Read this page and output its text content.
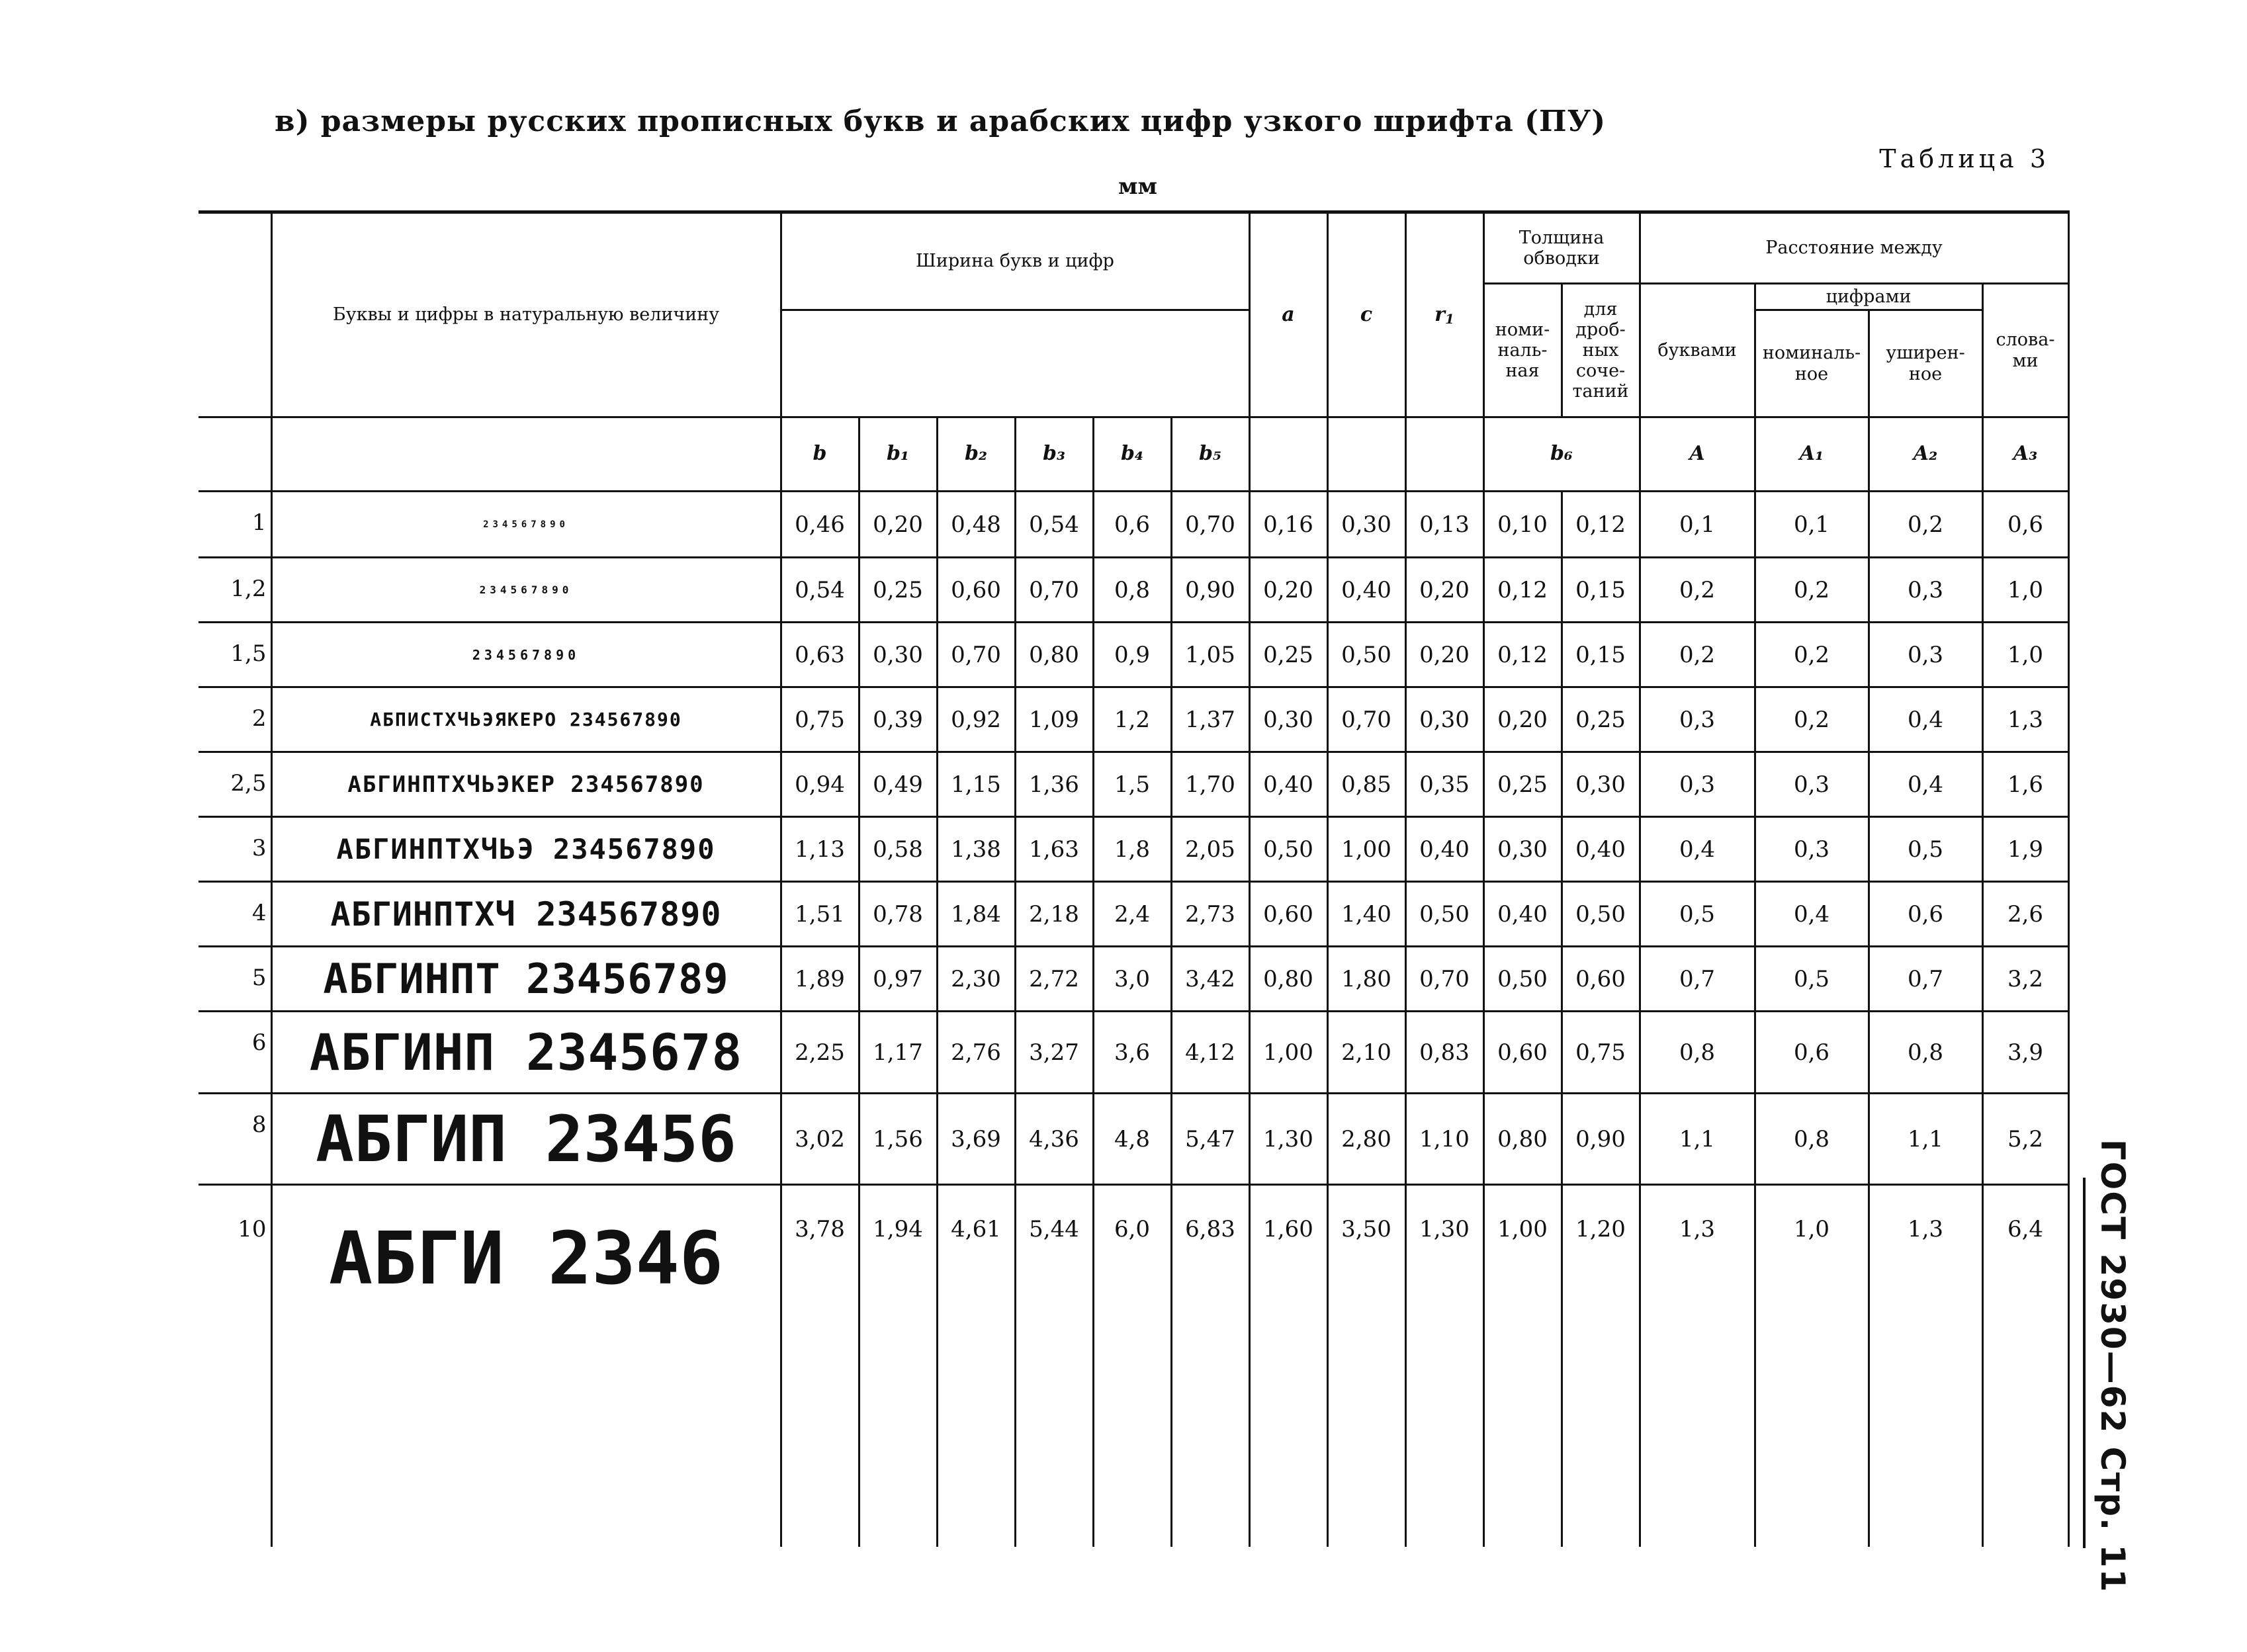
в) размеры русских прописных букв и арабских цифр узкого шрифта (ПУ)
Таблица 3
мм
	Буквы и цифры в натуральную величину	Ширина букв и цифр						a	c	$r_1$	Толщина обводки		Расстояние между			
											номи-наль-ная	для дроб-ных соче-таний	буквами	цифрами		слова-ми
														номиналь-ное	уширен-ное	
		b	b₁	b₂	b₃	b₄	b₅				b₆		A	A₁	A₂	A₃
1	234567890	0,46	0,20	0,48	0,54	0,6	0,70	0,16	0,30	0,13	0,10	0,12	0,1	0,1	0,2	0,6
1,2	234567890	0,54	0,25	0,60	0,70	0,8	0,90	0,20	0,40	0,20	0,12	0,15	0,2	0,2	0,3	1,0
1,5	234567890	0,63	0,30	0,70	0,80	0,9	1,05	0,25	0,50	0,20	0,12	0,15	0,2	0,2	0,3	1,0
2	АБПИСТХЧЬЭЯКЕРО 234567890	0,75	0,39	0,92	1,09	1,2	1,37	0,30	0,70	0,30	0,20	0,25	0,3	0,2	0,4	1,3
2,5	АБГИНПТХЧЬЭКЕР 234567890	0,94	0,49	1,15	1,36	1,5	1,70	0,40	0,85	0,35	0,25	0,30	0,3	0,3	0,4	1,6
3	АБГИНПТХЧЬЭ 234567890	1,13	0,58	1,38	1,63	1,8	2,05	0,50	1,00	0,40	0,30	0,40	0,4	0,3	0,5	1,9
4	АБГИНПТХЧ 234567890	1,51	0,78	1,84	2,18	2,4	2,73	0,60	1,40	0,50	0,40	0,50	0,5	0,4	0,6	2,6
5	АБГИНПТ 23456789	1,89	0,97	2,30	2,72	3,0	3,42	0,80	1,80	0,70	0,50	0,60	0,7	0,5	0,7	3,2
6	АБГИНП 2345678	2,25	1,17	2,76	3,27	3,6	4,12	1,00	2,10	0,83	0,60	0,75	0,8	0,6	0,8	3,9
8	АБГИП 23456	3,02	1,56	3,69	4,36	4,8	5,47	1,30	2,80	1,10	0,80	0,90	1,1	0,8	1,1	5,2
10	АБГИ 2346	3,78	1,94	4,61	5,44	6,0	6,83	1,60	3,50	1,30	1,00	1,20	1,3	1,0	1,3	6,4 ГОСТ 2930—62 Стр. 11
